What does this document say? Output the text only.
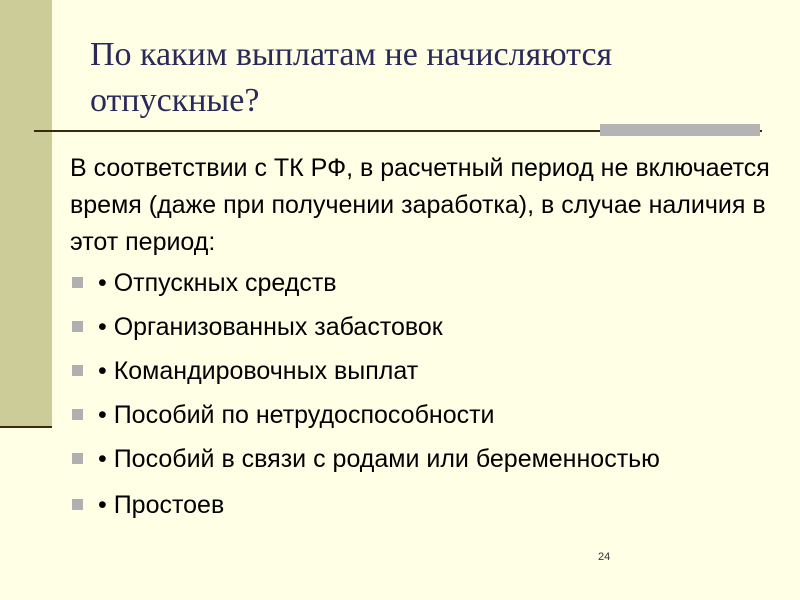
По каким выплатам не начисляются отпускные?
В соответствии с ТК РФ, в расчетный период не включается время (даже при получении заработка), в случае наличия в этот период:
• Отпускных средств
• Организованных забастовок
• Командировочных выплат
• Пособий по нетрудоспособности
• Пособий в связи с родами или беременностью
• Простоев
24
